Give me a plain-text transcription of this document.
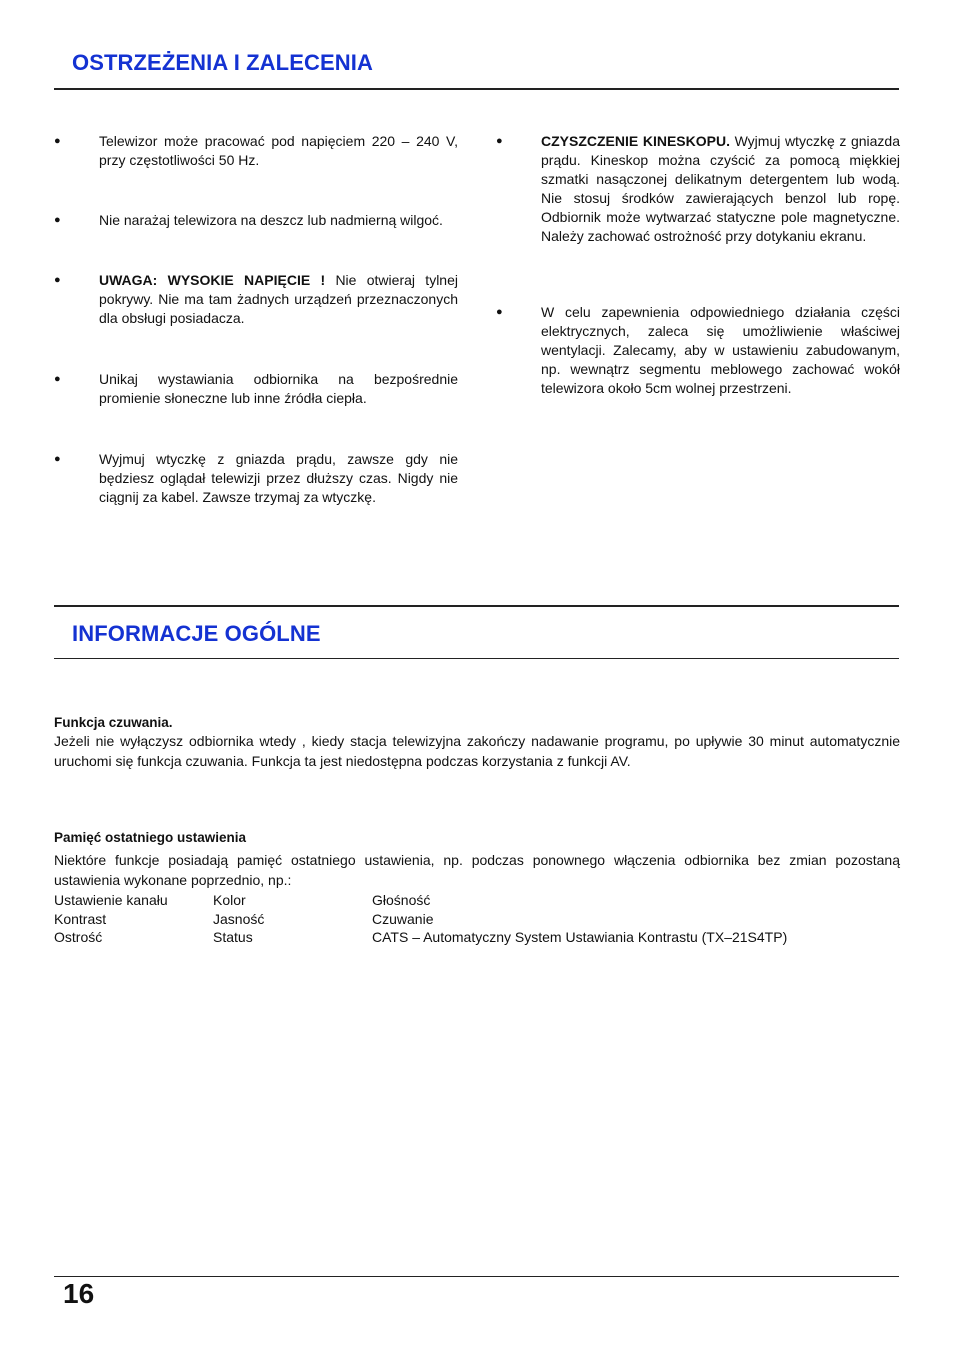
OSTRZEŻENIA I ZALECENIA
●	Telewizor może pracować pod napięciem 220 – 240 V, przy częstotliwości 50 Hz.
●	Nie narażaj telewizora na deszcz lub nadmierną wilgoć.
●	UWAGA: WYSOKIE NAPIĘCIE ! Nie otwieraj tylnej pokrywy. Nie ma tam żadnych urządzeń przeznaczonych dla obsługi posiadacza.
●	Unikaj wystawiania odbiornika na bezpośrednie promienie słoneczne lub inne źródła ciepła.
●	Wyjmuj wtyczkę z gniazda prądu, zawsze gdy nie będziesz oglądał telewizji przez dłuższy czas. Nigdy nie ciągnij za kabel. Zawsze trzymaj za wtyczkę.
●	CZYSZCZENIE KINESKOPU. Wyjmuj wtyczkę z gniazda prądu. Kineskop można czyścić za pomocą miękkiej szmatki nasączonej delikatnym detergentem lub wodą. Nie stosuj środków zawierających benzol lub ropę. Odbiornik może wytwarzać statyczne pole magnetyczne. Należy zachować ostrożność przy dotykaniu ekranu.
●	W celu zapewnienia odpowiedniego działania części elektrycznych, zaleca się umożliwienie właściwej wentylacji. Zalecamy, aby w ustawieniu zabudowanym, np. wewnątrz segmentu meblowego zachować wokół telewizora około 5cm wolnej przestrzeni.
INFORMACJE OGÓLNE
Funkcja czuwania.

Jeżeli nie wyłączysz odbiornika wtedy , kiedy stacja telewizyjna zakończy nadawanie programu, po upływie 30 minut automatycznie uruchomi się funkcja czuwania. Funkcja ta jest niedostępna podczas korzystania z funkcji AV.

Pamięć ostatniego ustawienia

Niektóre funkcje posiadają pamięć ostatniego ustawienia, np. podczas ponownego włączenia odbiornika bez zmian pozostaną ustawienia wykonane poprzednio, np.:

Ustawienie kanału	Kolor	Głośność
Kontrast	Jasność	Czuwanie
Ostrość	Status	CATS – Automatyczny System Ustawiania Kontrastu (TX–21S4TP)

16
